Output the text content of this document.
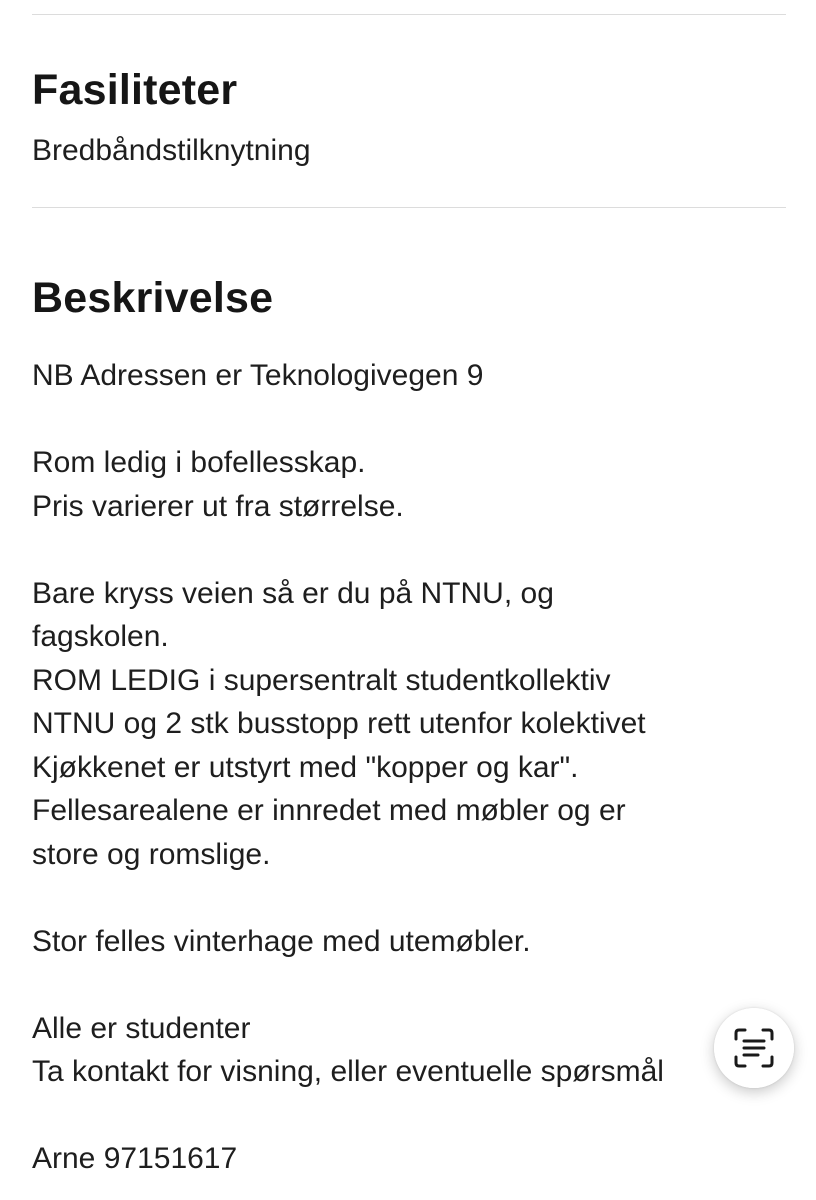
Fasiliteter
Bredbåndstilknytning
Beskrivelse
NB Adressen er Teknologivegen 9
Rom ledig i bofellesskap.
Pris varierer ut fra størrelse.
Bare kryss veien så er du på NTNU, og
fagskolen.
ROM LEDIG i supersentralt studentkollektiv
NTNU og 2 stk busstopp rett utenfor kolektivet
Kjøkkenet er utstyrt med "kopper og kar".
Fellesarealene er innredet med møbler og er
store og romslige.
Stor felles vinterhage med utemøbler.
Alle er studenter
Ta kontakt for visning, eller eventuelle spørsmål
Arne 97151617
